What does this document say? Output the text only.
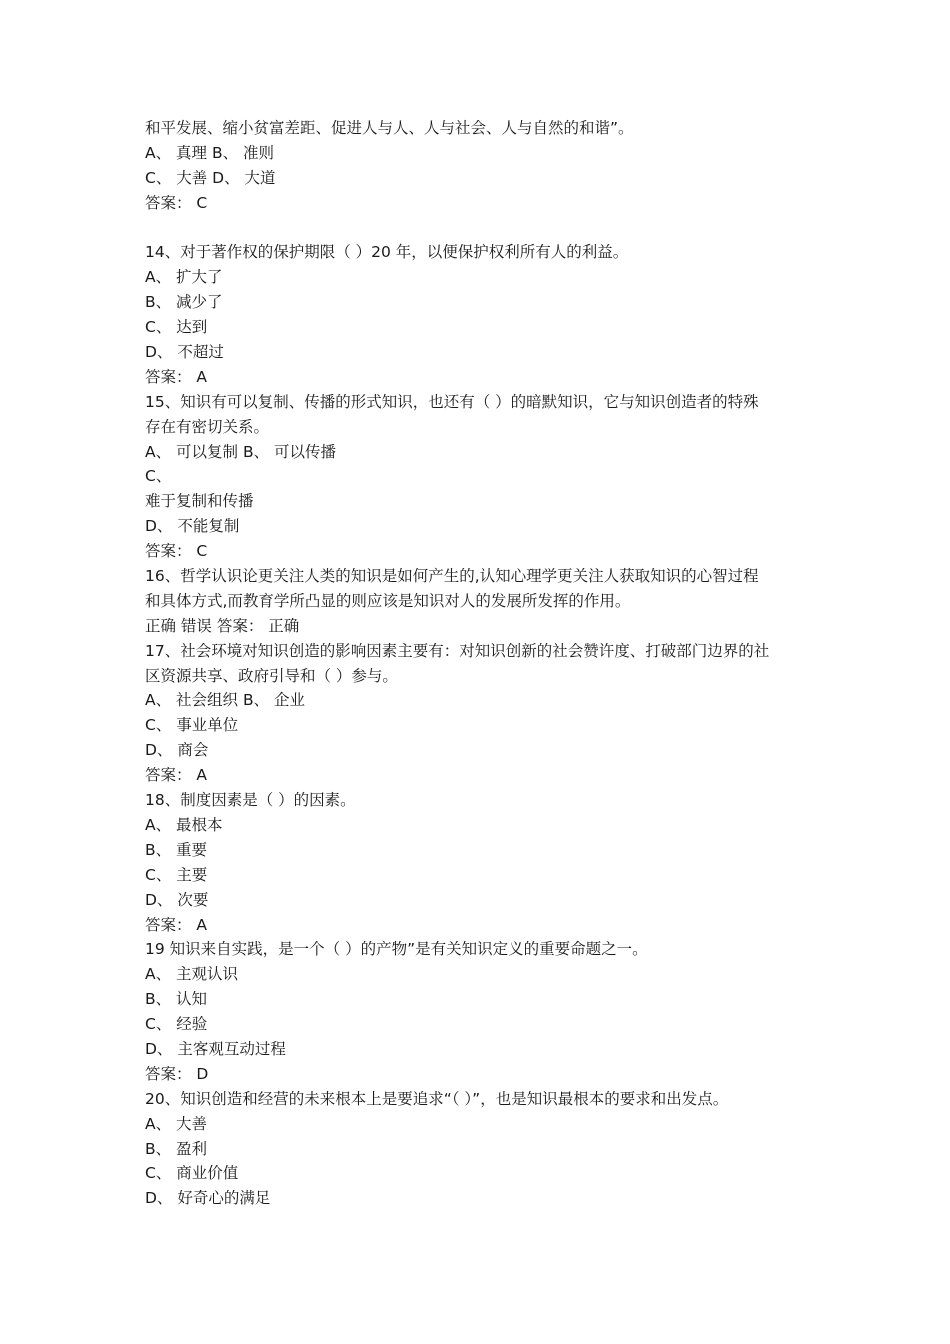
和平发展、缩小贫富差距、促进人与人、人与社会、人与自然的和谐”。
A、 真理 B、 准则
C、 大善 D、 大道
答案： C
14、对于著作权的保护期限（ ）20 年，以便保护权利所有人的利益。
A、 扩大了
B、 减少了
C、 达到
D、 不超过
答案： A
15、知识有可以复制、传播的形式知识，也还有（ ）的暗默知识，它与知识创造者的特殊
存在有密切关系。
A、 可以复制 B、 可以传播
C、
难于复制和传播
D、 不能复制
答案： C
16、哲学认识论更关注人类的知识是如何产生的,认知心理学更关注人获取知识的心智过程
和具体方式,而教育学所凸显的则应该是知识对人的发展所发挥的作用。
正确 错误 答案： 正确
17、社会环境对知识创造的影响因素主要有：对知识创新的社会赞许度、打破部门边界的社
区资源共享、政府引导和（ ）参与。
A、 社会组织 B、 企业
C、 事业单位
D、 商会
答案： A
18、制度因素是（ ）的因素。
A、 最根本
B、 重要
C、 主要
D、 次要
答案： A
19 知识来自实践，是一个（ ）的产物”是有关知识定义的重要命题之一。
A、 主观认识
B、 认知
C、 经验
D、 主客观互动过程
答案： D
20、知识创造和经营的未来根本上是要追求“（ ）”，也是知识最根本的要求和出发点。
A、 大善
B、 盈利
C、 商业价值
D、 好奇心的满足
